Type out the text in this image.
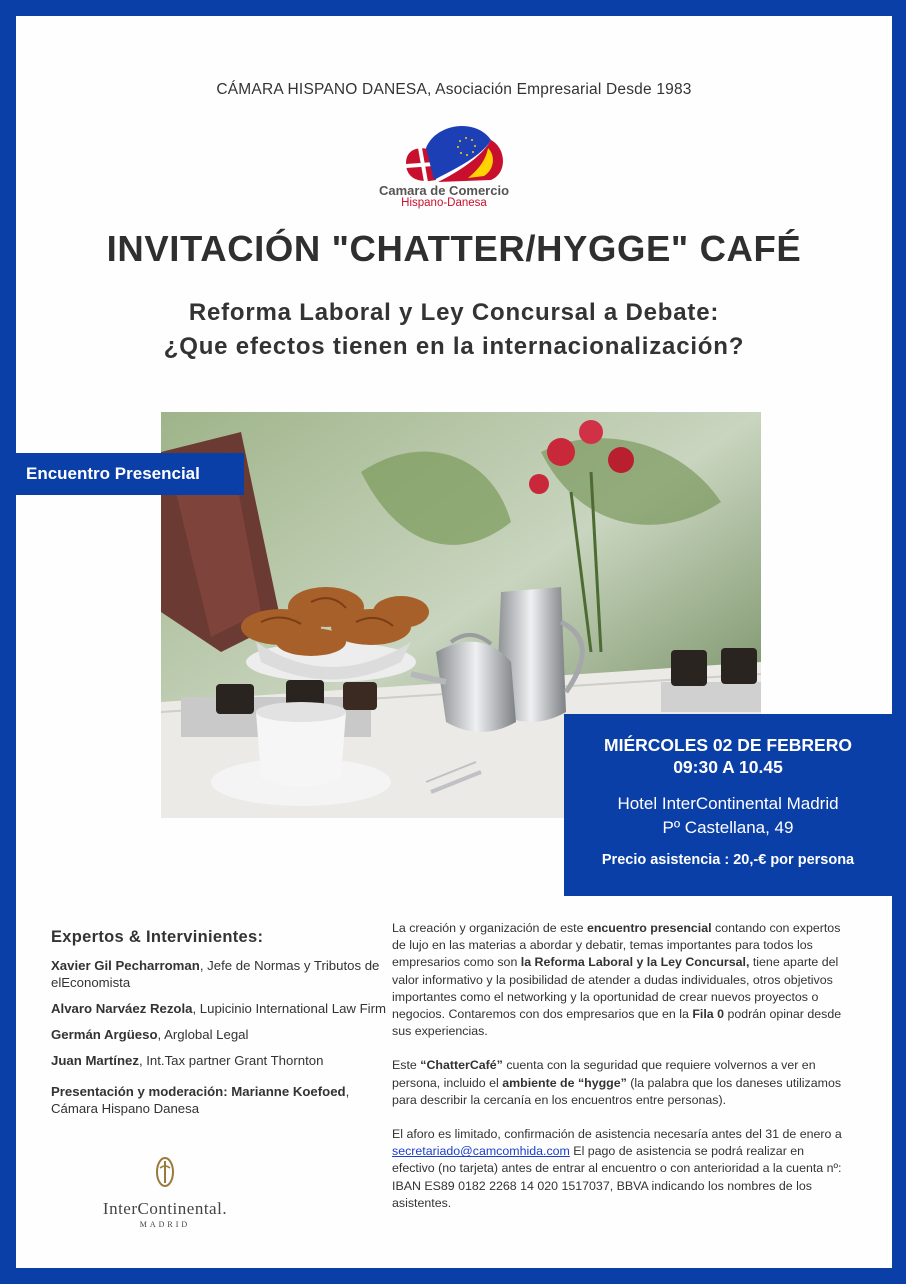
CÁMARA HISPANO DANESA, Asociación Empresarial Desde 1983
Camara de Comercio
Hispano-Danesa
INVITACIÓN "CHATTER/HYGGE" CAFÉ
Reforma Laboral y Ley Concursal a Debate:
¿Que efectos tienen en la internacionalización?
Encuentro Presencial
MIÉRCOLES 02 DE FEBRERO
09:30 A 10.45
Hotel InterContinental Madrid
Pº Castellana, 49
Precio asistencia : 20,-€ por persona
Expertos & Intervinientes:
Xavier Gil Pecharroman, Jefe de Normas y Tributos de elEconomista
Alvaro Narváez Rezola, Lupicinio International Law Firm
Germán Argüeso, Arglobal Legal
Juan Martínez, Int.Tax partner Grant Thornton
Presentación y moderación: Marianne Koefoed, Cámara Hispano Danesa

La creación y organización de este encuentro presencial contando con expertos de lujo en las materias a abordar y debatir, temas importantes para todos los empresarios como son la Reforma Laboral y la Ley Concursal, tiene aparte del valor informativo y la posibilidad de atender a dudas individuales, otros objetivos importantes como el networking y la oportunidad de crear nuevos proyectos o negocios. Contaremos con dos empresarios que en la Fila 0 podrán opinar desde sus experiencias.

Este “ChatterCafé” cuenta con la seguridad que requiere volvernos a ver en persona, incluido el ambiente de “hygge” (la palabra que los daneses utilizamos para describir la cercanía en los encuentros entre personas).

El aforo es limitado, confirmación de asistencia necesaría antes del 31 de enero a secretariado@camcomhida.com El pago de asistencia se podrá realizar en efectivo (no tarjeta) antes de entrar al encuentro o con anterioridad a la cuenta nº: IBAN ES89 0182 2268 14 020 1517037, BBVA indicando los nombres de los asistentes.

InterContinental.
MADRID
